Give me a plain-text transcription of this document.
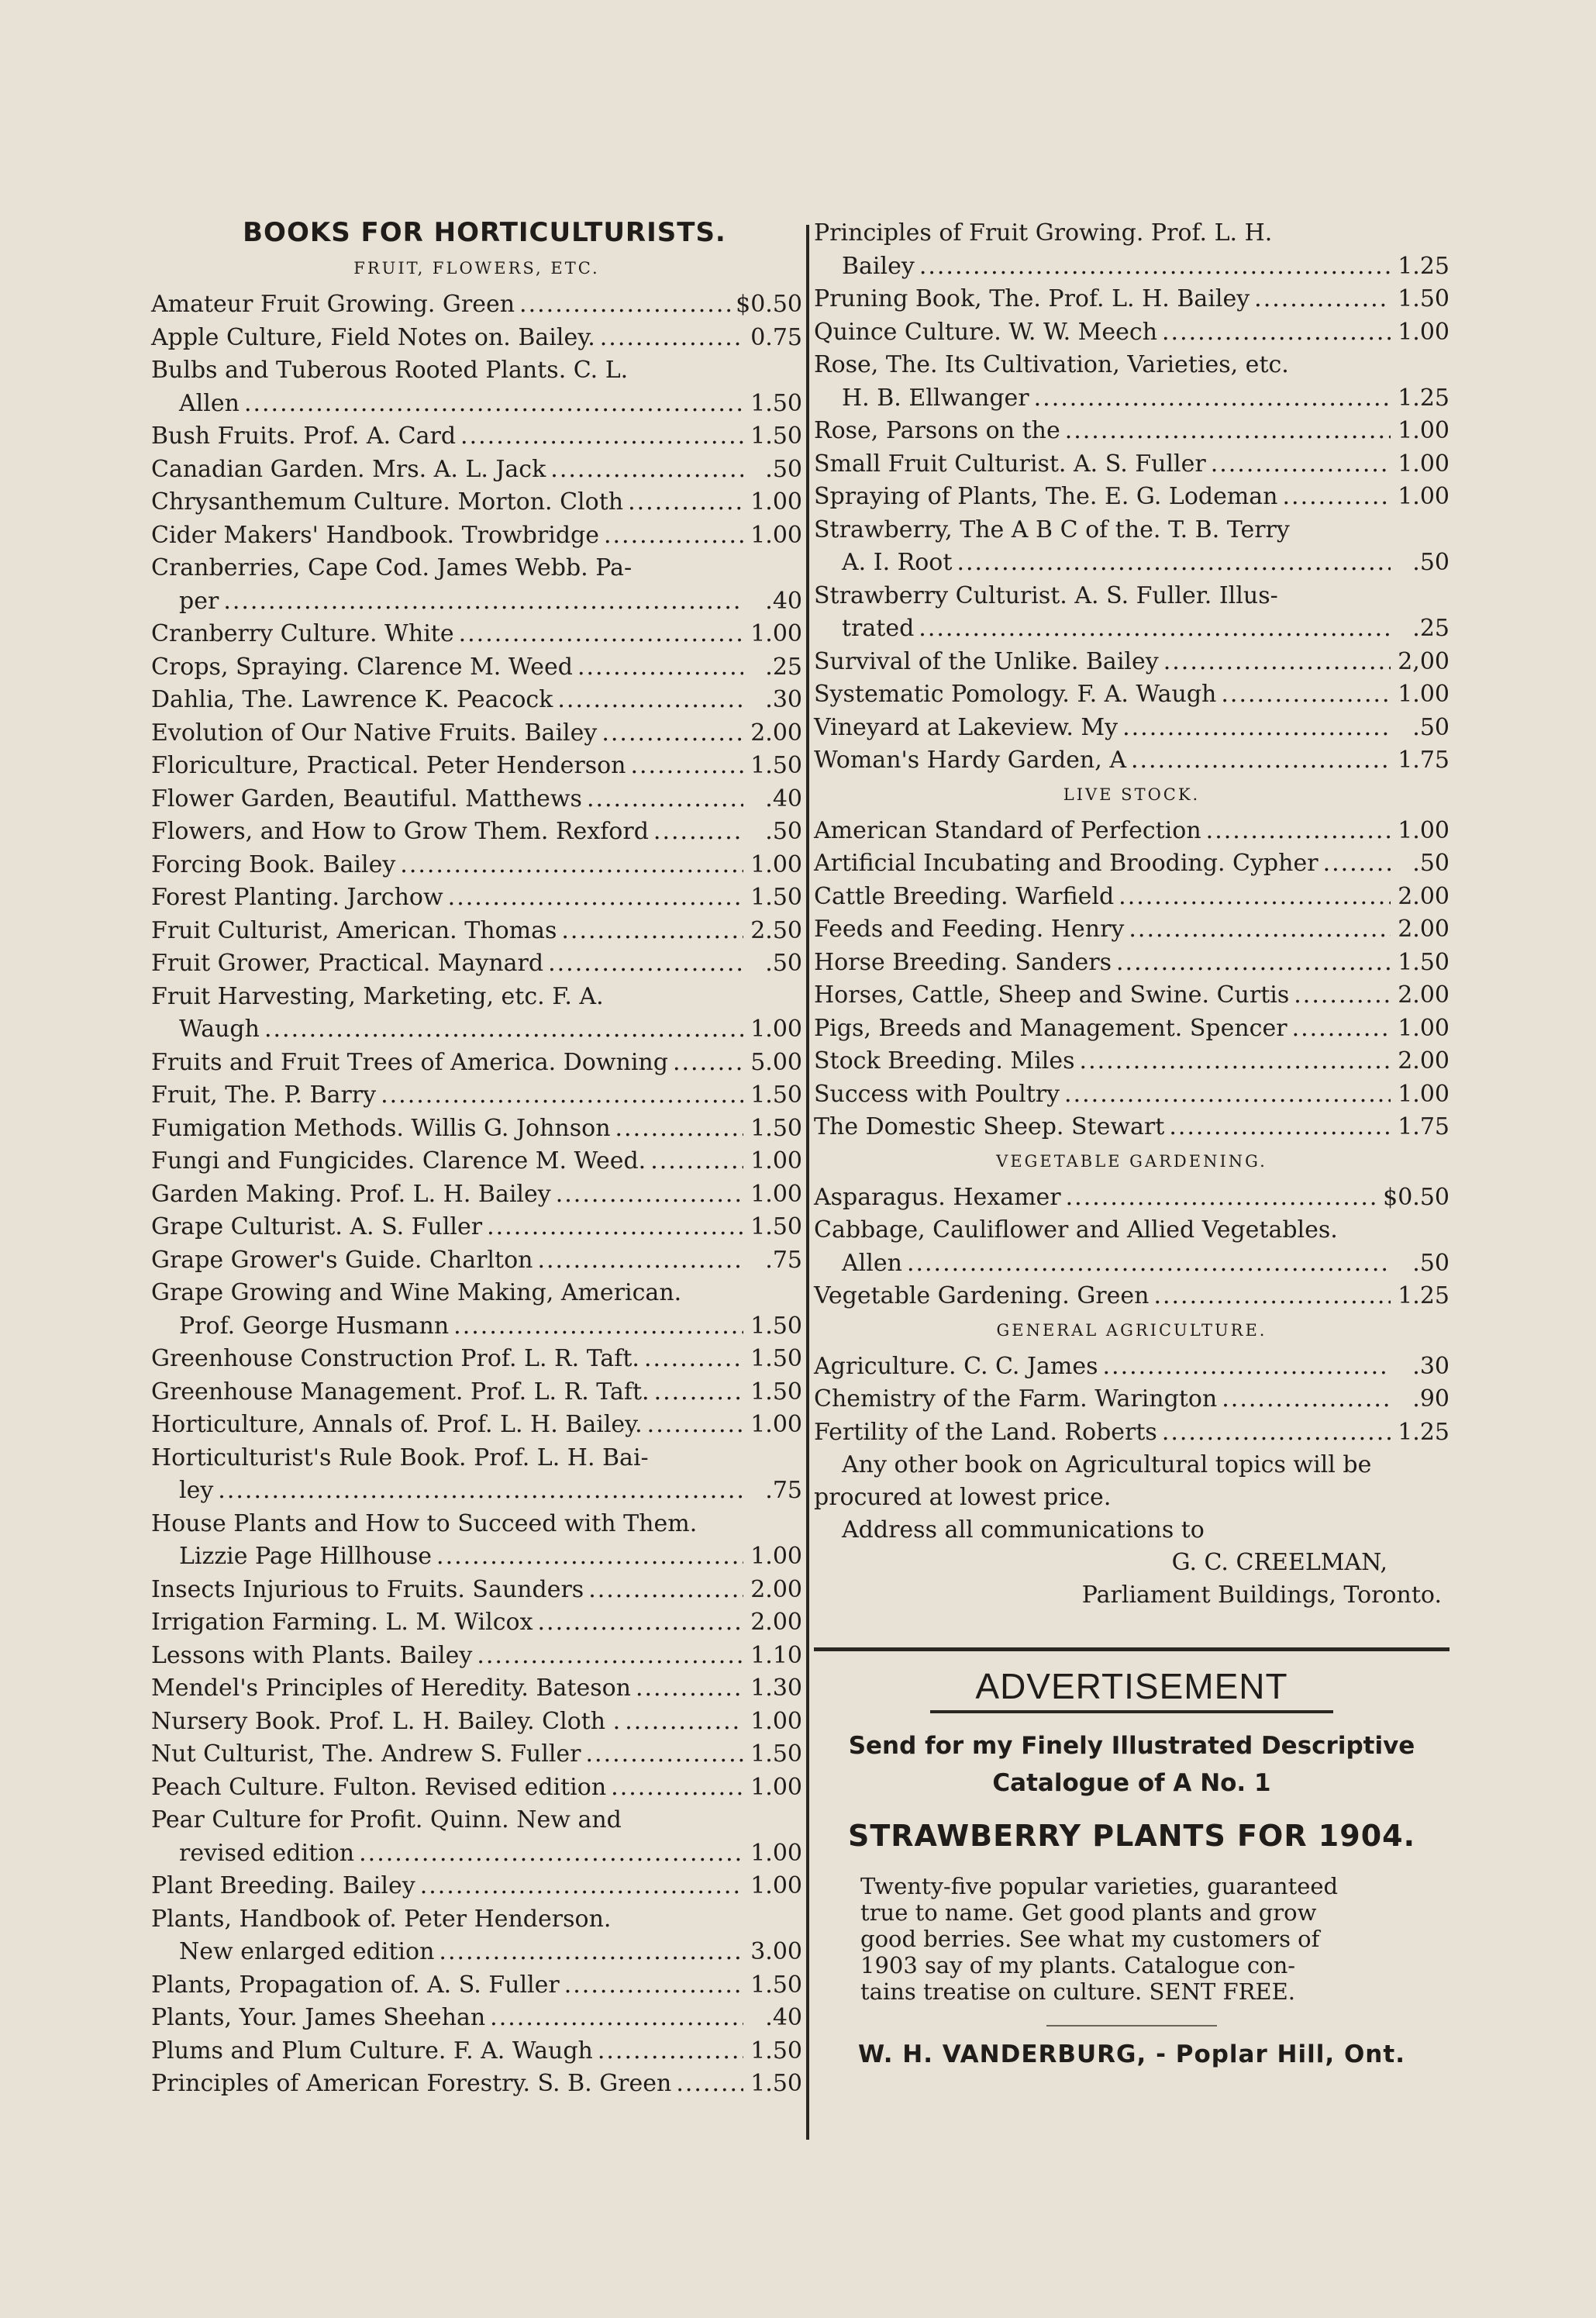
BOOKS FOR HORTICULTURISTS.
FRUIT, FLOWERS, ETC.
Amateur Fruit Growing. Green .....	$0.50
Apple Culture, Field Notes on. Bailey. .....	0.75
Bulbs and Tuberous Rooted Plants. C. L.
Allen .....	1.50
Bush Fruits. Prof. A. Card .....	1.50
Canadian Garden. Mrs. A. L. Jack .....	.50
Chrysanthemum Culture. Morton. Cloth .....	1.00
Cider Makers' Handbook. Trowbridge .....	1.00
Cranberries, Cape Cod. James Webb. Pa-
per .....	.40
Cranberry Culture. White .....	1.00
Crops, Spraying. Clarence M. Weed .....	.25
Dahlia, The. Lawrence K. Peacock .....	.30
Evolution of Our Native Fruits. Bailey .....	2.00
Floriculture, Practical. Peter Henderson .....	1.50
Flower Garden, Beautiful. Matthews .....	.40
Flowers, and How to Grow Them. Rexford .....	.50
Forcing Book. Bailey .....	1.00
Forest Planting. Jarchow .....	1.50
Fruit Culturist, American. Thomas .....	2.50
Fruit Grower, Practical. Maynard .....	.50
Fruit Harvesting, Marketing, etc. F. A.
Waugh .....	1.00
Fruits and Fruit Trees of America. Downing .....	5.00
Fruit, The. P. Barry .....	1.50
Fumigation Methods. Willis G. Johnson .....	1.50
Fungi and Fungicides. Clarence M. Weed. .....	1.00
Garden Making. Prof. L. H. Bailey .....	1.00
Grape Culturist. A. S. Fuller .....	1.50
Grape Grower's Guide. Charlton .....	.75
Grape Growing and Wine Making, American.
Prof. George Husmann .....	1.50
Greenhouse Construction Prof. L. R. Taft. .....	1.50
Greenhouse Management. Prof. L. R. Taft. .....	1.50
Horticulture, Annals of. Prof. L. H. Bailey. .....	1.00
Horticulturist's Rule Book. Prof. L. H. Bai-
ley .....	.75
House Plants and How to Succeed with Them.
Lizzie Page Hillhouse .....	1.00
Insects Injurious to Fruits. Saunders .....	2.00
Irrigation Farming. L. M. Wilcox .....	2.00
Lessons with Plants. Bailey .....	1.10
Mendel's Principles of Heredity. Bateson .....	1.30
Nursery Book. Prof. L. H. Bailey. Cloth . .....	1.00
Nut Culturist, The. Andrew S. Fuller .....	1.50
Peach Culture. Fulton. Revised edition .....	1.00
Pear Culture for Profit. Quinn. New and
revised edition .....	1.00
Plant Breeding. Bailey .....	1.00
Plants, Handbook of. Peter Henderson.
New enlarged edition .....	3.00
Plants, Propagation of. A. S. Fuller .....	1.50
Plants, Your. James Sheehan .....	.40
Plums and Plum Culture. F. A. Waugh .....	1.50
Principles of American Forestry. S. B. Green .....	1.50
Principles of Fruit Growing. Prof. L. H.
Bailey .....	1.25
Pruning Book, The. Prof. L. H. Bailey .....	1.50
Quince Culture. W. W. Meech .....	1.00
Rose, The. Its Cultivation, Varieties, etc.
H. B. Ellwanger .....	1.25
Rose, Parsons on the .....	1.00
Small Fruit Culturist. A. S. Fuller .....	1.00
Spraying of Plants, The. E. G. Lodeman .....	1.00
Strawberry, The A B C of the. T. B. Terry
A. I. Root .....	.50
Strawberry Culturist. A. S. Fuller. Illus-
trated .....	.25
Survival of the Unlike. Bailey .....	2,00
Systematic Pomology. F. A. Waugh .....	1.00
Vineyard at Lakeview. My .....	.50
Woman's Hardy Garden, A .....	1.75
LIVE STOCK.
American Standard of Perfection .....	1.00
Artificial Incubating and Brooding. Cypher .....	.50
Cattle Breeding. Warfield .....	2.00
Feeds and Feeding. Henry .....	2.00
Horse Breeding. Sanders .....	1.50
Horses, Cattle, Sheep and Swine. Curtis .....	2.00
Pigs, Breeds and Management. Spencer .....	1.00
Stock Breeding. Miles .....	2.00
Success with Poultry .....	1.00
The Domestic Sheep. Stewart .....	1.75
VEGETABLE GARDENING.
Asparagus. Hexamer .....	$0.50
Cabbage, Cauliflower and Allied Vegetables.
Allen .....	.50
Vegetable Gardening. Green .....	1.25
GENERAL AGRICULTURE.
Agriculture. C. C. James .....	.30
Chemistry of the Farm. Warington .....	.90
Fertility of the Land. Roberts .....	1.25
Any other book on Agricultural topics will be
procured at lowest price.
Address all communications to
G. C. CREELMAN,
Parliament Buildings, Toronto.
ADVERTISEMENT
Send for my Finely Illustrated Descriptive
Catalogue of A No. 1
STRAWBERRY PLANTS FOR 1904.
Twenty-five popular varieties, guaranteed
true to name. Get good plants and grow
good berries. See what my customers of
1903 say of my plants. Catalogue con-
tains treatise on culture. SENT FREE.
W. H. VANDERBURG, - Poplar Hill, Ont.
